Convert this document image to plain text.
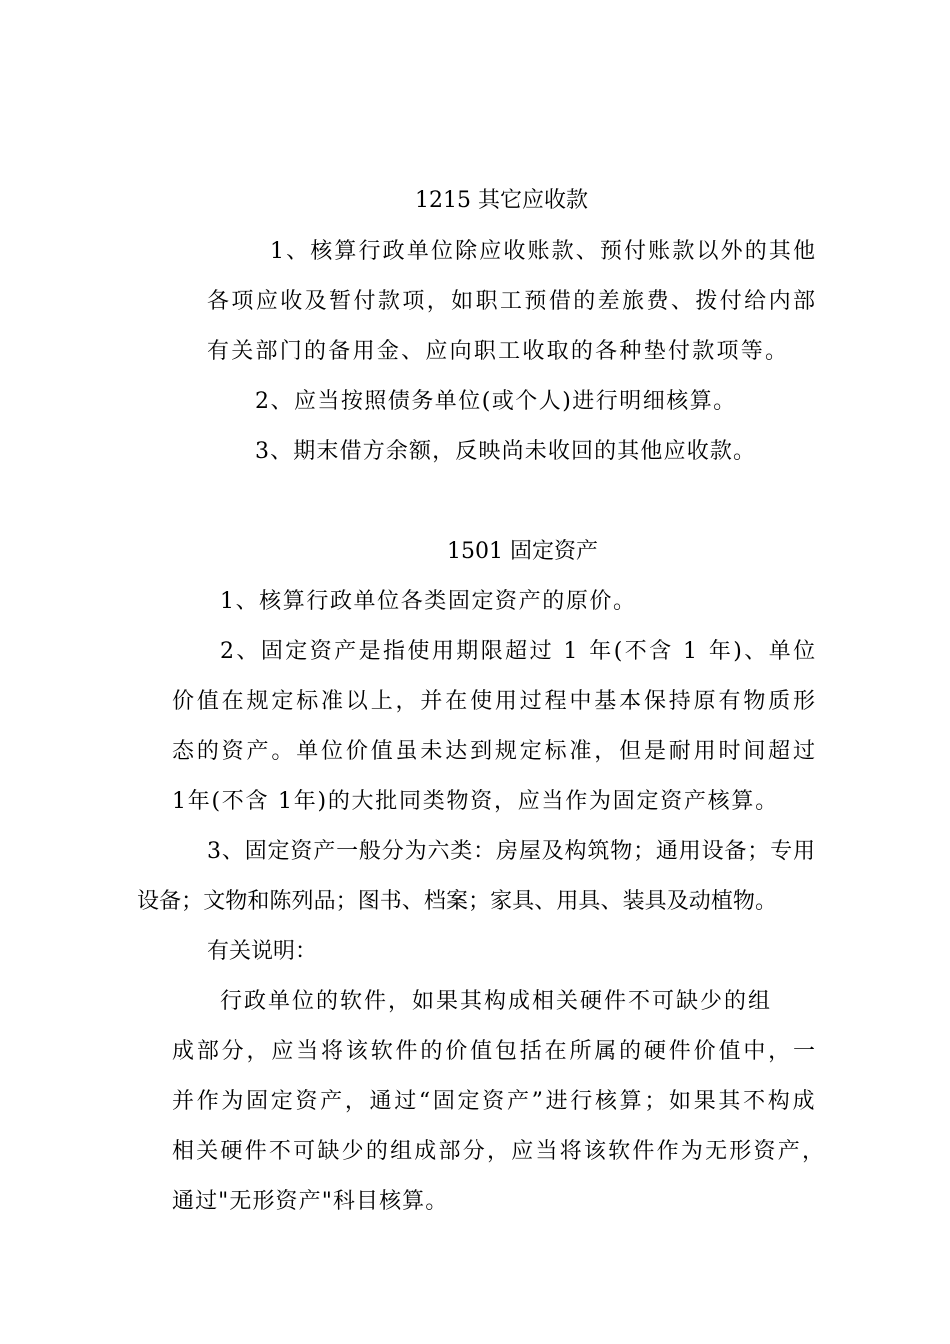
1215 其它应收款
1、核算行政单位除应收账款、预付账款以外的其他
各项应收及暂付款项，如职工预借的差旅费、拨付给内部
有关部门的备用金、应向职工收取的各种垫付款项等。
2、应当按照债务单位(或个人)进行明细核算。
3、期末借方余额，反映尚未收回的其他应收款。
1501 固定资产
1、核算行政单位各类固定资产的原价。
2、固定资产是指使用期限超过 1 年(不含 1 年)、单位
价值在规定标准以上，并在使用过程中基本保持原有物质形
态的资产。单位价值虽未达到规定标准，但是耐用时间超过
1年(不含 1年)的大批同类物资，应当作为固定资产核算。
3、固定资产一般分为六类：房屋及构筑物；通用设备；专用
设备；文物和陈列品；图书、档案；家具、用具、装具及动植物。
有关说明：
行政单位的软件，如果其构成相关硬件不可缺少的组
成部分，应当将该软件的价值包括在所属的硬件价值中，一
并作为固定资产，通过“固定资产”进行核算；如果其不构成
相关硬件不可缺少的组成部分，应当将该软件作为无形资产，
通过"无形资产"科目核算。
